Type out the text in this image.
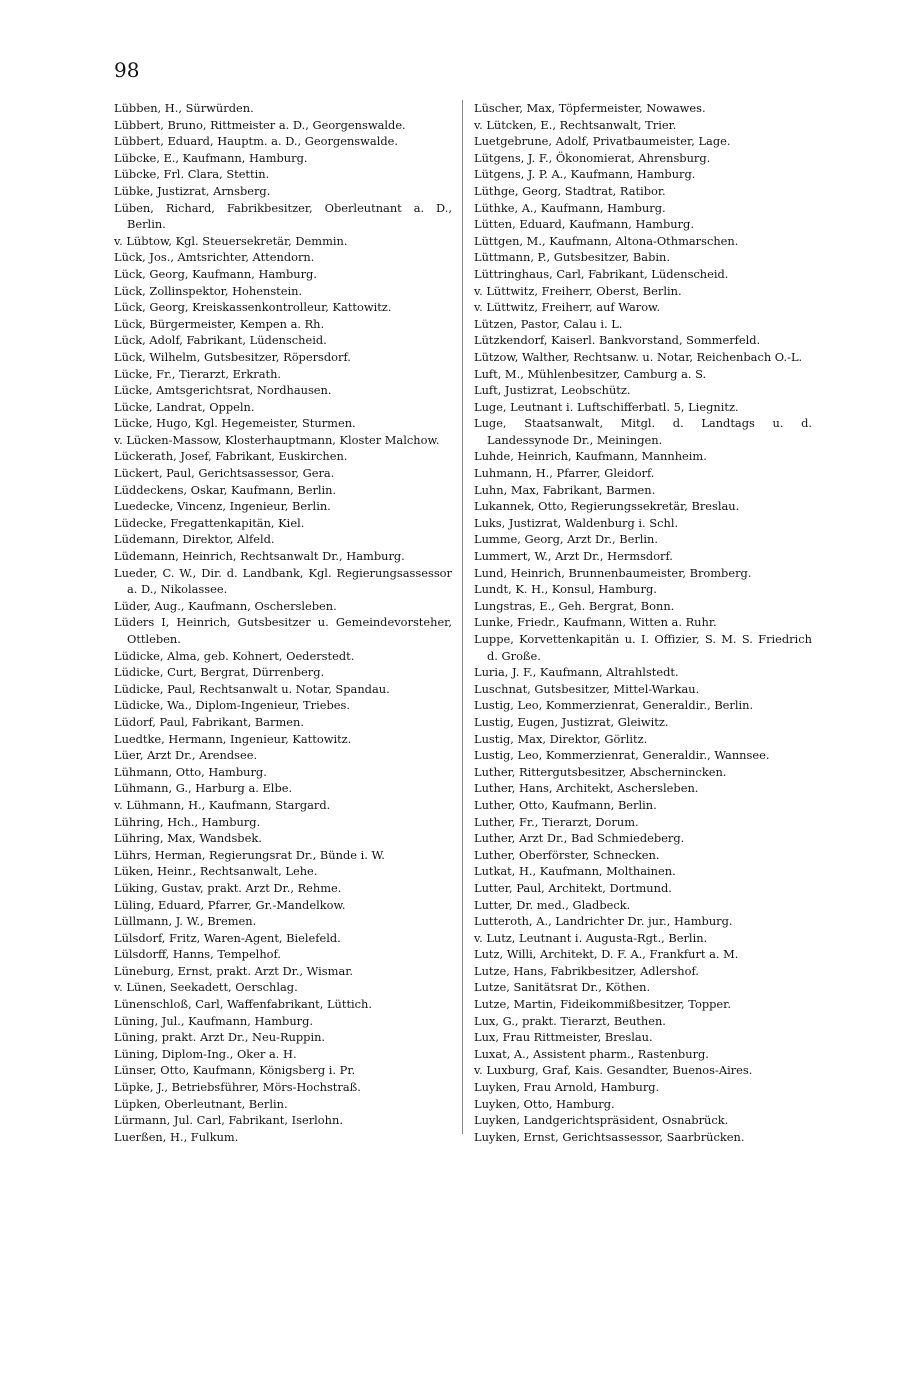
98
Lübben, H., Sürwürden.
Lübbert, Bruno, Rittmeister a. D., Georgenswalde.
Lübbert, Eduard, Hauptm. a. D., Georgenswalde.
Lübcke, E., Kaufmann, Hamburg.
Lübcke, Frl. Clara, Stettin.
Lübke, Justizrat, Arnsberg.
Lüben, Richard, Fabrikbesitzer, Oberleutnant a. D., Berlin.
v. Lübtow, Kgl. Steuersekretär, Demmin.
Lück, Jos., Amtsrichter, Attendorn.
Lück, Georg, Kaufmann, Hamburg.
Lück, Zollinspektor, Hohenstein.
Lück, Georg, Kreiskassenkontrolleur, Kattowitz.
Lück, Bürgermeister, Kempen a. Rh.
Lück, Adolf, Fabrikant, Lüdenscheid.
Lück, Wilhelm, Gutsbesitzer, Röpersdorf.
Lücke, Fr., Tierarzt, Erkrath.
Lücke, Amtsgerichtsrat, Nordhausen.
Lücke, Landrat, Oppeln.
Lücke, Hugo, Kgl. Hegemeister, Sturmen.
v. Lücken-Massow, Klosterhauptmann, Kloster Malchow.
Lückerath, Josef, Fabrikant, Euskirchen.
Lückert, Paul, Gerichtsassessor, Gera.
Lüddeckens, Oskar, Kaufmann, Berlin.
Luedecke, Vincenz, Ingenieur, Berlin.
Lüdecke, Fregattenkapitän, Kiel.
Lüdemann, Direktor, Alfeld.
Lüdemann, Heinrich, Rechtsanwalt Dr., Hamburg.
Lueder, C. W., Dir. d. Landbank, Kgl. Regierungsassessor a. D., Nikolassee.
Lüder, Aug., Kaufmann, Oschersleben.
Lüders I, Heinrich, Gutsbesitzer u. Gemeindevorsteher, Ottleben.
Lüdicke, Alma, geb. Kohnert, Oederstedt.
Lüdicke, Curt, Bergrat, Dürrenberg.
Lüdicke, Paul, Rechtsanwalt u. Notar, Spandau.
Lüdicke, Wa., Diplom-Ingenieur, Triebes.
Lüdorf, Paul, Fabrikant, Barmen.
Luedtke, Hermann, Ingenieur, Kattowitz.
Lüer, Arzt Dr., Arendsee.
Lühmann, Otto, Hamburg.
Lühmann, G., Harburg a. Elbe.
v. Lühmann, H., Kaufmann, Stargard.
Lühring, Hch., Hamburg.
Lühring, Max, Wandsbek.
Lührs, Herman, Regierungsrat Dr., Bünde i. W.
Lüken, Heinr., Rechtsanwalt, Lehe.
Lüking, Gustav, prakt. Arzt Dr., Rehme.
Lüling, Eduard, Pfarrer, Gr.-Mandelkow.
Lüllmann, J. W., Bremen.
Lülsdorf, Fritz, Waren-Agent, Bielefeld.
Lülsdorff, Hanns, Tempelhof.
Lüneburg, Ernst, prakt. Arzt Dr., Wismar.
v. Lünen, Seekadett, Oerschlag.
Lünenschloß, Carl, Waffenfabrikant, Lüttich.
Lüning, Jul., Kaufmann, Hamburg.
Lüning, prakt. Arzt Dr., Neu-Ruppin.
Lüning, Diplom-Ing., Oker a. H.
Lünser, Otto, Kaufmann, Königsberg i. Pr.
Lüpke, J., Betriebsführer, Mörs-Hochstraß.
Lüpken, Oberleutnant, Berlin.
Lürmann, Jul. Carl, Fabrikant, Iserlohn.
Luerßen, H., Fulkum.
Lüscher, Max, Töpfermeister, Nowawes.
v. Lütcken, E., Rechtsanwalt, Trier.
Luetgebrune, Adolf, Privatbaumeister, Lage.
Lütgens, J. F., Ökonomierat, Ahrensburg.
Lütgens, J. P. A., Kaufmann, Hamburg.
Lüthge, Georg, Stadtrat, Ratibor.
Lüthke, A., Kaufmann, Hamburg.
Lütten, Eduard, Kaufmann, Hamburg.
Lüttgen, M., Kaufmann, Altona-Othmarschen.
Lüttmann, P., Gutsbesitzer, Babin.
Lüttringhaus, Carl, Fabrikant, Lüdenscheid.
v. Lüttwitz, Freiherr, Oberst, Berlin.
v. Lüttwitz, Freiherr, auf Warow.
Lützen, Pastor, Calau i. L.
Lützkendorf, Kaiserl. Bankvorstand, Sommerfeld.
Lützow, Walther, Rechtsanw. u. Notar, Reichenbach O.-L.
Luft, M., Mühlenbesitzer, Camburg a. S.
Luft, Justizrat, Leobschütz.
Luge, Leutnant i. Luftschifferbatl. 5, Liegnitz.
Luge, Staatsanwalt, Mitgl. d. Landtags u. d. Landessynode Dr., Meiningen.
Luhde, Heinrich, Kaufmann, Mannheim.
Luhmann, H., Pfarrer, Gleidorf.
Luhn, Max, Fabrikant, Barmen.
Lukannek, Otto, Regierungssekretär, Breslau.
Luks, Justizrat, Waldenburg i. Schl.
Lumme, Georg, Arzt Dr., Berlin.
Lummert, W., Arzt Dr., Hermsdorf.
Lund, Heinrich, Brunnenbaumeister, Bromberg.
Lundt, K. H., Konsul, Hamburg.
Lungstras, E., Geh. Bergrat, Bonn.
Lunke, Friedr., Kaufmann, Witten a. Ruhr.
Luppe, Korvettenkapitän u. I. Offizier, S. M. S. Friedrich d. Große.
Luria, J. F., Kaufmann, Altrahlstedt.
Luschnat, Gutsbesitzer, Mittel-Warkau.
Lustig, Leo, Kommerzienrat, Generaldir., Berlin.
Lustig, Eugen, Justizrat, Gleiwitz.
Lustig, Max, Direktor, Görlitz.
Lustig, Leo, Kommerzienrat, Generaldir., Wannsee.
Luther, Rittergutsbesitzer, Abschernincken.
Luther, Hans, Architekt, Aschersleben.
Luther, Otto, Kaufmann, Berlin.
Luther, Fr., Tierarzt, Dorum.
Luther, Arzt Dr., Bad Schmiedeberg.
Luther, Oberförster, Schnecken.
Lutkat, H., Kaufmann, Molthainen.
Lutter, Paul, Architekt, Dortmund.
Lutter, Dr. med., Gladbeck.
Lutteroth, A., Landrichter Dr. jur., Hamburg.
v. Lutz, Leutnant i. Augusta-Rgt., Berlin.
Lutz, Willi, Architekt, D. F. A., Frankfurt a. M.
Lutze, Hans, Fabrikbesitzer, Adlershof.
Lutze, Sanitätsrat Dr., Köthen.
Lutze, Martin, Fideikommißbesitzer, Topper.
Lux, G., prakt. Tierarzt, Beuthen.
Lux, Frau Rittmeister, Breslau.
Luxat, A., Assistent pharm., Rastenburg.
v. Luxburg, Graf, Kais. Gesandter, Buenos-Aires.
Luyken, Frau Arnold, Hamburg.
Luyken, Otto, Hamburg.
Luyken, Landgerichtspräsident, Osnabrück.
Luyken, Ernst, Gerichtsassessor, Saarbrücken.
